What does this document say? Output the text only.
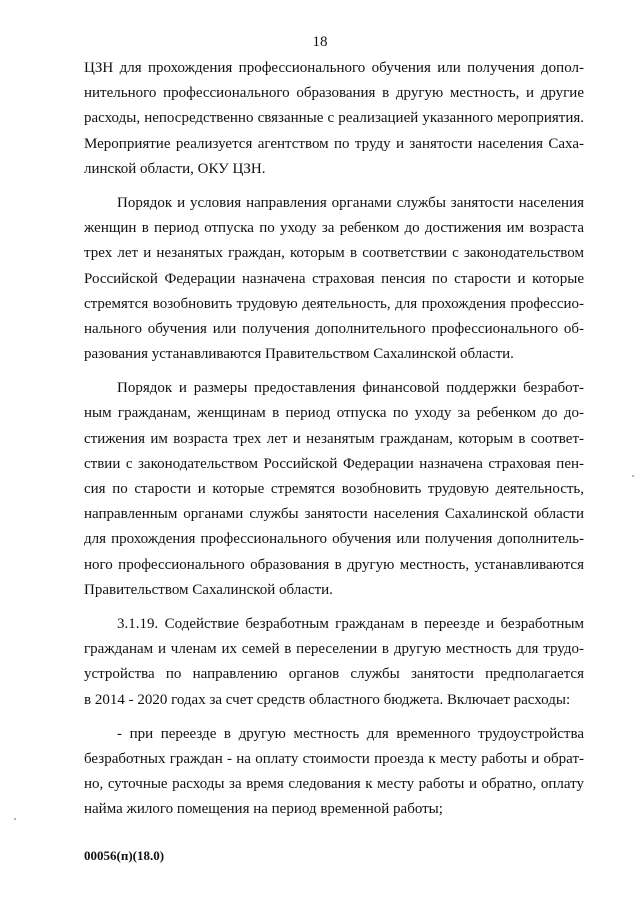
18
ЦЗН для прохождения профессионального обучения или получения допол-
нительного профессионального образования в другую местность, и другие
расходы, непосредственно связанные с реализацией указанного мероприятия.
Мероприятие реализуется агентством по труду и занятости населения Саха-
линской области, ОКУ ЦЗН.
Порядок и условия направления органами службы занятости населения
женщин в период отпуска по уходу за ребенком до достижения им возраста
трех лет и незанятых граждан, которым в соответствии с законодательством
Российской Федерации назначена страховая пенсия по старости и которые
стремятся возобновить трудовую деятельность, для прохождения профессио-
нального обучения или получения дополнительного профессионального об-
разования устанавливаются Правительством Сахалинской области.
Порядок и размеры предоставления финансовой поддержки безработ-
ным гражданам, женщинам в период отпуска по уходу за ребенком до до-
стижения им возраста трех лет и незанятым гражданам, которым в соответ-
ствии с законодательством Российской Федерации назначена страховая пен-
сия по старости и которые стремятся возобновить трудовую деятельность,
направленным органами службы занятости населения Сахалинской области
для прохождения профессионального обучения или получения дополнитель-
ного профессионального образования в другую местность, устанавливаются
Правительством Сахалинской области.
3.1.19. Содействие безработным гражданам в переезде и безработным
гражданам и членам их семей в переселении в другую местность для трудо-
устройства по направлению органов службы занятости предполагается
в 2014 - 2020 годах за счет средств областного бюджета. Включает расходы:
- при переезде в другую местность для временного трудоустройства
безработных граждан - на оплату стоимости проезда к месту работы и обрат-
но, суточные расходы за время следования к месту работы и обратно, оплату
найма жилого помещения на период временной работы;
00056(п)(18.0)
